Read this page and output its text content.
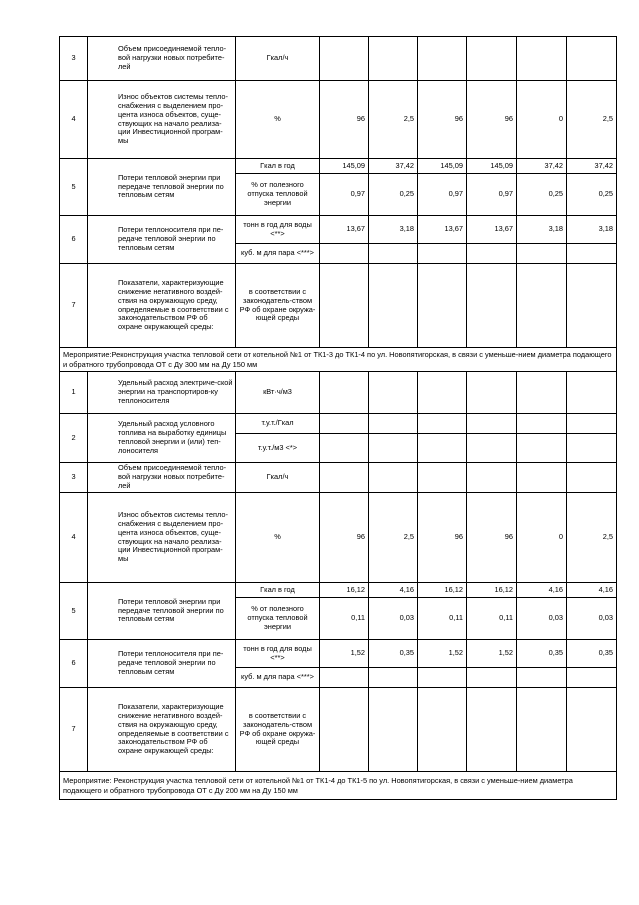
3	Объем присоединяемой тепло-вой нагрузки новых потребите-лей	Гкал/ч						
4	Износ объектов системы тепло-снабжения с выделением про-цента износа объектов, суще-ствующих на начало реализа-ции Инвестиционной програм-мы	%	96	2,5	96	96	0	2,5
5	Потери тепловой энергии при передаче тепловой энергии по тепловым сетям	Гкал в год	145,09	37,42	145,09	145,09	37,42	37,42
		% от полезного отпуска тепловой энергии	0,97	0,25	0,97	0,97	0,25	0,25
6	Потери теплоносителя при пе-редаче тепловой энергии по тепловым сетям	тонн в год для воды <**>	13,67	3,18	13,67	13,67	3,18	3,18
		куб. м для пара <***>						
7	Показатели, характеризующие снижение негативного воздей-ствия на окружающую среду, определяемые в соответствии с законодательством РФ об охране окружающей среды:	в соответствии с законодатель-ством РФ об охране окружа-ющей среды						
Мероприятие:Реконструкция участка тепловой сети от котельной №1 от ТК1-3 до ТК1-4 по ул. Новопятигорская, в связи с уменьше-нием диаметра подающего и обратного трубопровода ОТ с Ду 300 мм на Ду 150 мм								
1	Удельный расход электриче-ской энергии на транспортиров-ку теплоносителя	кВт·ч/м3						
2	Удельный расход условного топлива на выработку единицы тепловой энергии и (или) теп-лоносителя	т.у.т./Гкал						
		т.у.т./м3 <*>						
3	Объем присоединяемой тепло-вой нагрузки новых потребите-лей	Гкал/ч						
4	Износ объектов системы тепло-снабжения с выделением про-цента износа объектов, суще-ствующих на начало реализа-ции Инвестиционной програм-мы	%	96	2,5	96	96	0	2,5
5	Потери тепловой энергии при передаче тепловой энергии по тепловым сетям	Гкал в год	16,12	4,16	16,12	16,12	4,16	4,16
		% от полезного отпуска тепловой энергии	0,11	0,03	0,11	0,11	0,03	0,03
6	Потери теплоносителя при пе-редаче тепловой энергии по тепловым сетям	тонн в год для воды <**>	1,52	0,35	1,52	1,52	0,35	0,35
		куб. м для пара <***>						
7	Показатели, характеризующие снижение негативного воздей-ствия на окружающую среду, определяемые в соответствии с законодательством РФ об охране окружающей среды:	в соответствии с законодатель-ством РФ об охране окружа-ющей среды						
Мероприятие: Реконструкция участка тепловой сети от котельной №1 от ТК1-4 до ТК1-5 по ул. Новопятигорская, в связи с уменьше-нием диаметра подающего и обратного трубопровода ОТ с Ду 200 мм на Ду 150 мм								
